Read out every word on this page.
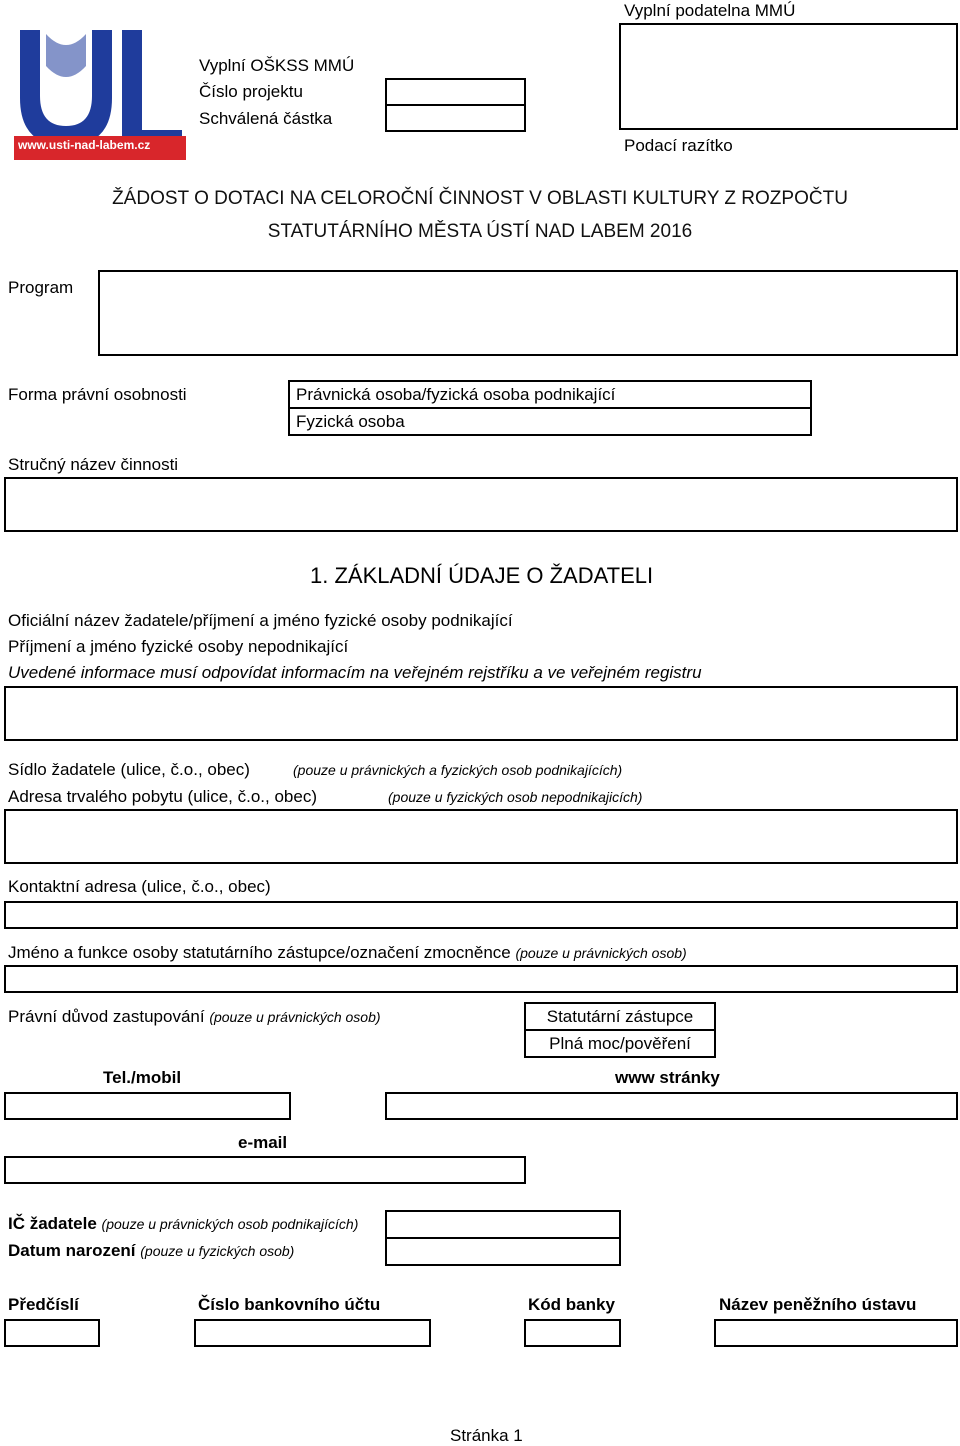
www.usti-nad-labem.cz
Vyplní OŠKSS MMÚ
Číslo projektu
Schválená částka
Vyplní podatelna MMÚ
Podací razítko
ŽÁDOST O DOTACI NA CELOROČNÍ ČINNOST V OBLASTI KULTURY Z ROZPOČTU
STATUTÁRNÍHO MĚSTA ÚSTÍ NAD LABEM 2016
Program
Forma právní osobnosti	Právnická osoba/fyzická osoba podnikající
Fyzická osoba
Stručný název činnosti
1. ZÁKLADNÍ ÚDAJE O ŽADATELI
Oficiální název žadatele/příjmení a jméno fyzické osoby podnikající
Příjmení a jméno fyzické osoby nepodnikající
Uvedené informace musí odpovídat informacím na veřejném rejstříku a ve veřejném registru
Sídlo žadatele (ulice, č.o., obec)	(pouze u právnických a fyzických osob podnikajících)
Adresa trvalého pobytu (ulice, č.o., obec)	(pouze u fyzických osob nepodnikajicích)
Kontaktní adresa (ulice, č.o., obec)
Jméno a funkce osoby statutárního zástupce/označení zmocněnce (pouze u právnických osob)
Právní důvod zastupování (pouze u právnických osob)	Statutární zástupce
Plná moc/pověření
Tel./mobil	www stránky
e-mail
IČ žadatele (pouze u právnických osob podnikajících)
Datum narození (pouze u fyzických osob)
Předčíslí	Číslo bankovního účtu	Kód banky	Název peněžního ústavu
Stránka 1
